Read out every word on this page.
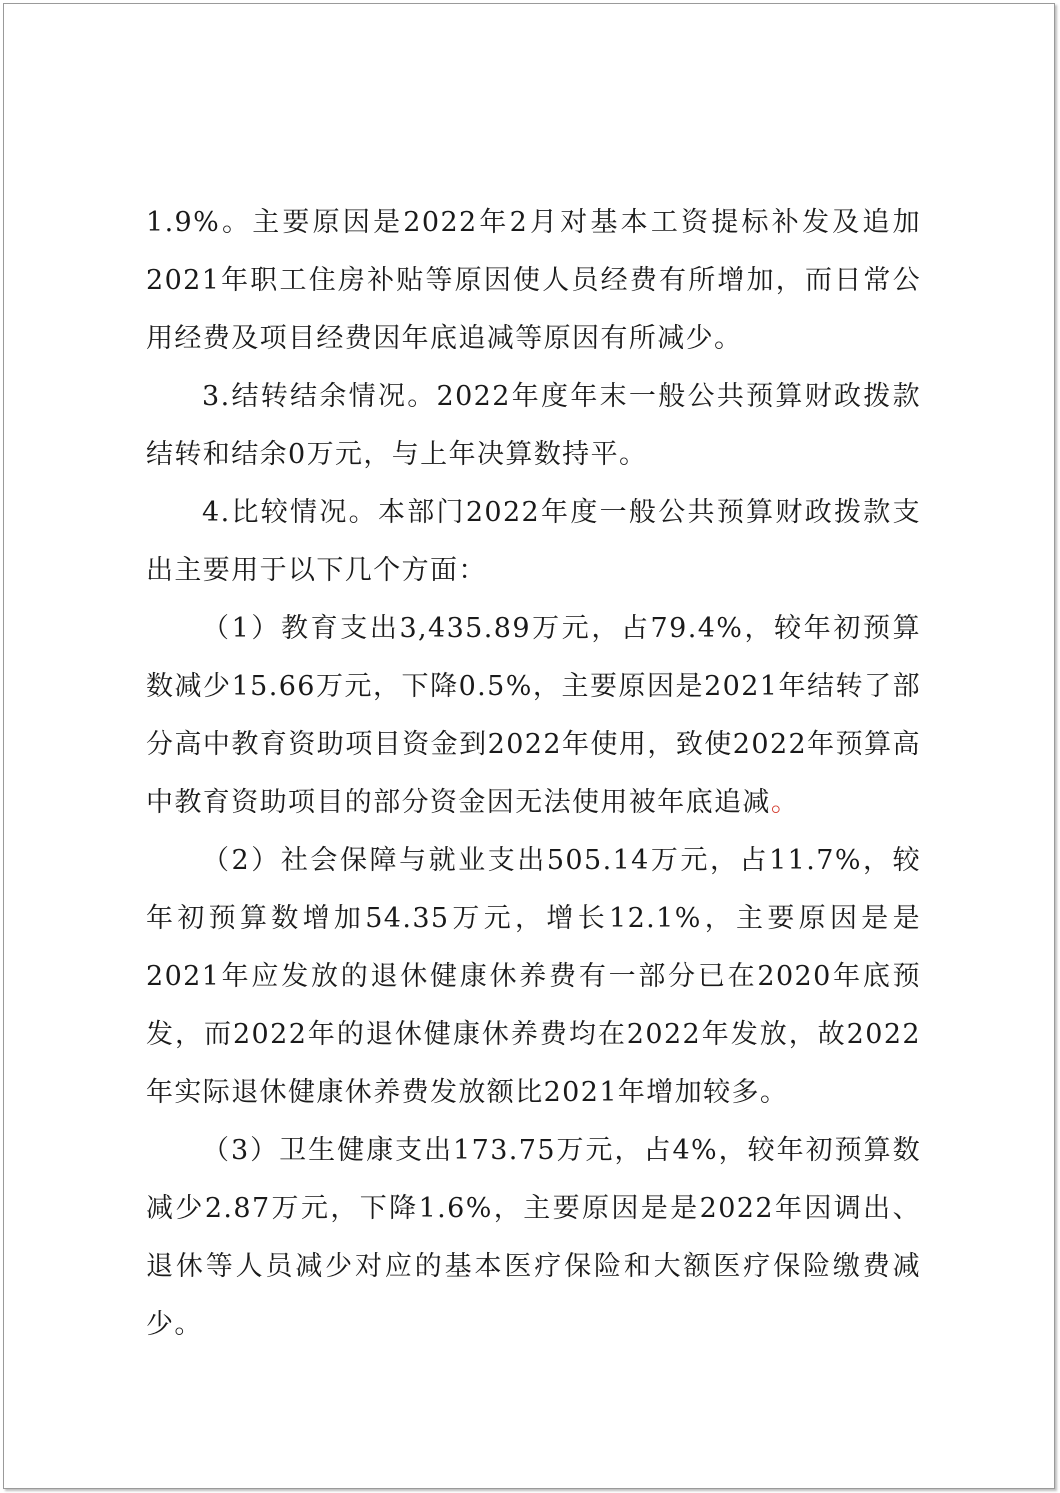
1.9%。主要原因是2022年2月对基本工资提标补发及追加2021年职工住房补贴等原因使人员经费有所增加，而日常公用经费及项目经费因年底追减等原因有所减少。

3.结转结余情况。2022年度年末一般公共预算财政拨款结转和结余0万元，与上年决算数持平。

4.比较情况。本部门2022年度一般公共预算财政拨款支出主要用于以下几个方面：

（1）教育支出3,435.89万元，占79.4%，较年初预算数减少15.66万元，下降0.5%，主要原因是2021年结转了部分高中教育资助项目资金到2022年使用，致使2022年预算高中教育资助项目的部分资金因无法使用被年底追减。

（2）社会保障与就业支出505.14万元，占11.7%，较年初预算数增加54.35万元，增长12.1%，主要原因是是2021年应发放的退休健康休养费有一部分已在2020年底预发，而2022年的退休健康休养费均在2022年发放，故2022年实际退休健康休养费发放额比2021年增加较多。

（3）卫生健康支出173.75万元，占4%，较年初预算数减少2.87万元，下降1.6%，主要原因是是2022年因调出、退休等人员减少对应的基本医疗保险和大额医疗保险缴费减少。
